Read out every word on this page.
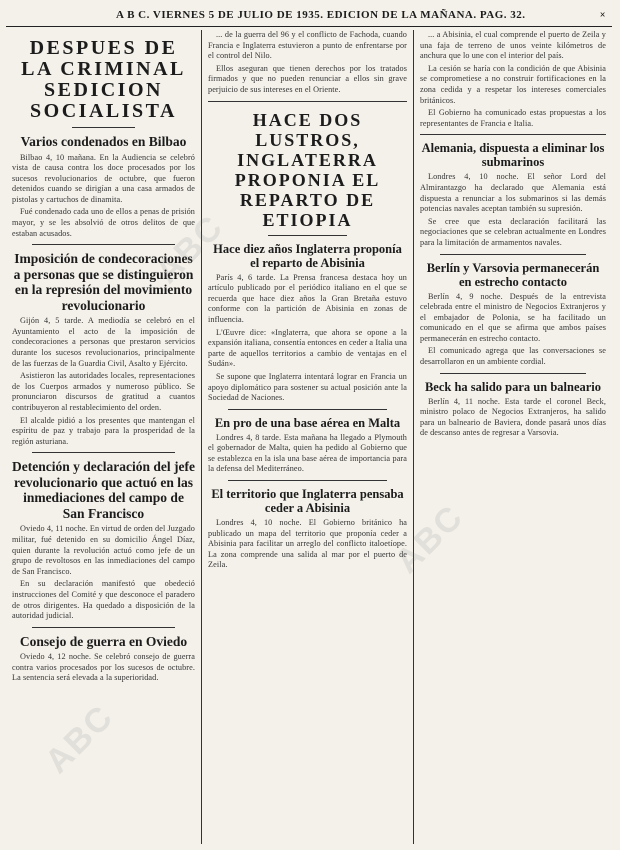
A B C. VIERNES 5 DE JULIO DE 1935. EDICION DE LA MAÑANA. PAG. 32.	×
DESPUES DE LA CRIMINAL SEDICION SOCIALISTA
Varios condenados en Bilbao

Bilbao 4, 10 mañana. En la Audiencia se celebró vista de causa contra los doce procesados por los sucesos revolucionarios de octubre, que fueron detenidos cuando se dirigían a una casa armados de pistolas y cartuchos de dinamita.

Fué condenado cada uno de ellos a penas de prisión mayor, y se les absolvió de otros delitos de que estaban acusados.

Imposición de condecoraciones a personas que se distinguieron en la represión del movimiento revolucionario

Gijón 4, 5 tarde. A mediodía se celebró en el Ayuntamiento el acto de la imposición de condecoraciones a personas que prestaron servicios durante los sucesos revolucionarios, principalmente de las fuerzas de la Guardia Civil, Asalto y Ejército.

Asistieron las autoridades locales, representaciones de los Cuerpos armados y numeroso público. Se pronunciaron discursos de gratitud a cuantos contribuyeron al restablecimiento del orden.

El alcalde pidió a los presentes que mantengan el espíritu de paz y trabajo para la prosperidad de la región asturiana.

Detención y declaración del jefe revolucionario que actuó en las inmediaciones del campo de San Francisco

Oviedo 4, 11 noche. En virtud de orden del Juzgado militar, fué detenido en su domicilio Ángel Díaz, quien durante la revolución actuó como jefe de un grupo de revoltosos en las inmediaciones del campo de San Francisco.

En su declaración manifestó que obedeció instrucciones del Comité y que desconoce el paradero de otros dirigentes. Ha quedado a disposición de la autoridad judicial.

Consejo de guerra en Oviedo

Oviedo 4, 12 noche. Se celebró consejo de guerra contra varios procesados por los sucesos de octubre. La sentencia será elevada a la superioridad.

... de la guerra del 96 y el conflicto de Fachoda, cuando Francia e Inglaterra estuvieron a punto de enfrentarse por el control del Nilo.

Ellos aseguran que tienen derechos por los tratados firmados y que no pueden renunciar a ellos sin grave perjuicio de sus intereses en el Oriente.

HACE DOS LUSTROS, INGLATERRA PROPONIA EL REPARTO DE ETIOPIA
Hace diez años Inglaterra proponía el reparto de Abisinia

París 4, 6 tarde. La Prensa francesa destaca hoy un artículo publicado por el periódico italiano en el que se recuerda que hace diez años la Gran Bretaña estuvo conforme con la partición de Abisinia en zonas de influencia.

L'Œuvre dice: «Inglaterra, que ahora se opone a la expansión italiana, consentía entonces en ceder a Italia una parte de aquellos territorios a cambio de ventajas en el Sudán».

Se supone que Inglaterra intentará lograr en Francia un apoyo diplomático para sostener su actual posición ante la Sociedad de Naciones.

En pro de una base aérea en Malta

Londres 4, 8 tarde. Esta mañana ha llegado a Plymouth el gobernador de Malta, quien ha pedido al Gobierno que se establezca en la isla una base aérea de importancia para la defensa del Mediterráneo.

El territorio que Inglaterra pensaba ceder a Abisinia

Londres 4, 10 noche. El Gobierno británico ha publicado un mapa del territorio que proponía ceder a Abisinia para facilitar un arreglo del conflicto italoetíope. La zona comprende una salida al mar por el puerto de Zeila.

... a Abisinia, el cual comprende el puerto de Zeila y una faja de terreno de unos veinte kilómetros de anchura que lo une con el interior del país.

La cesión se haría con la condición de que Abisinia se comprometiese a no construir fortificaciones en la zona cedida y a respetar los intereses comerciales británicos.

El Gobierno ha comunicado estas propuestas a los representantes de Francia e Italia.

Alemania, dispuesta a eliminar los submarinos

Londres 4, 10 noche. El señor Lord del Almirantazgo ha declarado que Alemania está dispuesta a renunciar a los submarinos si las demás potencias navales aceptan también su supresión.

Se cree que esta declaración facilitará las negociaciones que se celebran actualmente en Londres para la limitación de armamentos navales.

Berlín y Varsovia permanecerán en estrecho contacto

Berlín 4, 9 noche. Después de la entrevista celebrada entre el ministro de Negocios Extranjeros y el embajador de Polonia, se ha facilitado un comunicado en el que se afirma que ambos países permanecerán en estrecho contacto.

El comunicado agrega que las conversaciones se desarrollaron en un ambiente cordial.

Beck ha salido para un balneario

Berlín 4, 11 noche. Esta tarde el coronel Beck, ministro polaco de Negocios Extranjeros, ha salido para un balneario de Baviera, donde pasará unos días de descanso antes de regresar a Varsovia.

ABC
ABC
ABC
